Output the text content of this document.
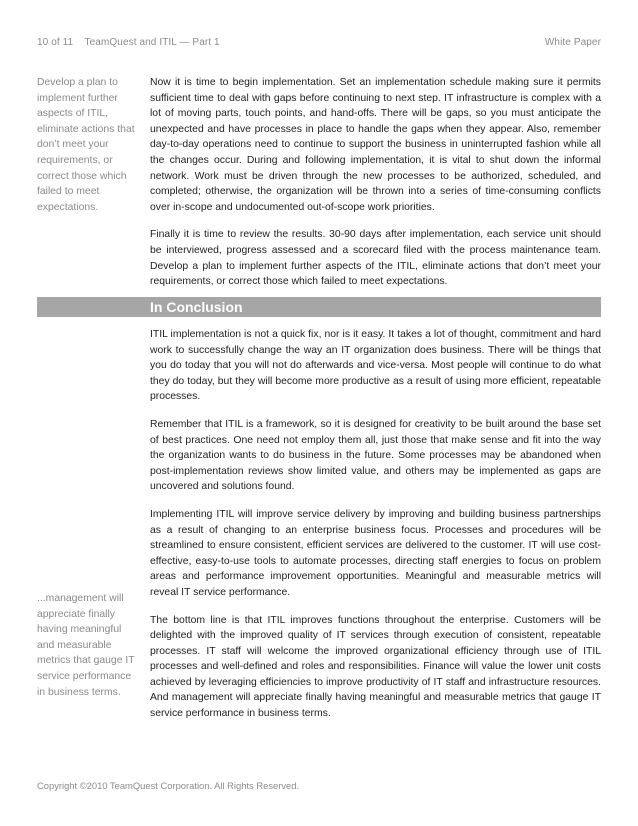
10 of 11 TeamQuest and ITIL — Part 1	White Paper
Develop a plan to implement further aspects of ITIL, eliminate actions that don’t meet your requirements, or correct those which failed to meet expectations.

Now it is time to begin implementation. Set an implementation schedule making sure it permits sufficient time to deal with gaps before continuing to next step. IT infrastructure is complex with a lot of moving parts, touch points, and hand-offs. There will be gaps, so you must anticipate the unexpected and have processes in place to handle the gaps when they appear. Also, remember day-to-day operations need to continue to support the business in uninterrupted fashion while all the changes occur. During and following implementation, it is vital to shut down the informal network. Work must be driven through the new processes to be authorized, scheduled, and completed; otherwise, the organization will be thrown into a series of time-consuming conflicts over in-scope and undocumented out-of-scope work priorities.

Finally it is time to review the results. 30-90 days after implementation, each service unit should be interviewed, progress assessed and a scorecard filed with the process maintenance team. Develop a plan to implement further aspects of the ITIL, eliminate actions that don’t meet your requirements, or correct those which failed to meet expectations.

In Conclusion

ITIL implementation is not a quick fix, nor is it easy. It takes a lot of thought, commitment and hard work to successfully change the way an IT organization does business. There will be things that you do today that you will not do afterwards and vice-versa. Most people will continue to do what they do today, but they will become more productive as a result of using more efficient, repeatable processes.

Remember that ITIL is a framework, so it is designed for creativity to be built around the base set of best practices. One need not employ them all, just those that make sense and fit into the way the organization wants to do business in the future. Some processes may be abandoned when post-implementation reviews show limited value, and others may be implemented as gaps are uncovered and solutions found.

Implementing ITIL will improve service delivery by improving and building business partnerships as a result of changing to an enterprise business focus. Processes and procedures will be streamlined to ensure consistent, efficient services are delivered to the customer. IT will use cost-effective, easy-to-use tools to automate processes, directing staff energies to focus on problem areas and performance improvement opportunities. Meaningful and measurable metrics will reveal IT service performance.

The bottom line is that ITIL improves functions throughout the enterprise. Customers will be delighted with the improved quality of IT services through execution of consistent, repeatable processes. IT staff will welcome the improved organizational efficiency through use of ITIL processes and well-defined and roles and responsibilities. Finance will value the lower unit costs achieved by leveraging efficiencies to improve productivity of IT staff and infrastructure resources. And management will appreciate finally having meaningful and measurable metrics that gauge IT service performance in business terms.

...management will appreciate finally having meaningful and measurable metrics that gauge IT service performance in business terms.
Copyright ©2010 TeamQuest Corporation. All Rights Reserved.
